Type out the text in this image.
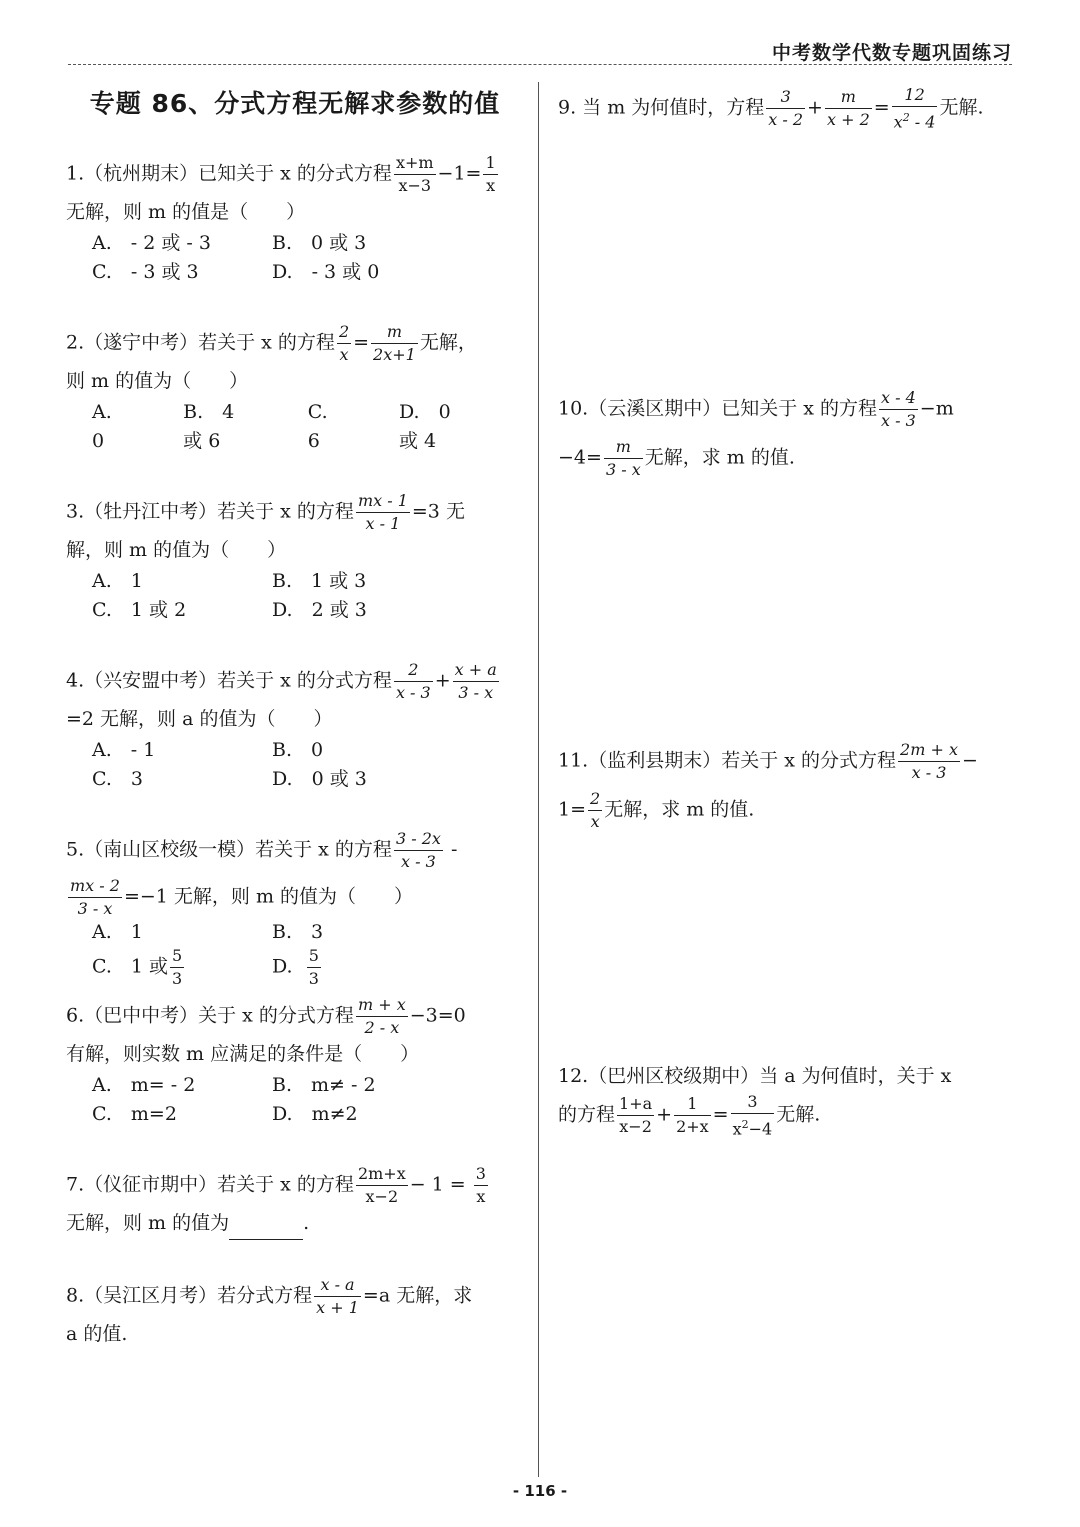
中考数学代数专题巩固练习
专题 86、分式方程无解求参数的值
1.（杭州期末）已知关于 x 的分式方程 $\frac{x+m}{x-3} -1= \frac{1}{x}$
无解，则 m 的值是（　　）
A.　- 2 或 - 3	B.　0 或 3
C.　- 3 或 3	D.　- 3 或 0
2.（遂宁中考）若关于 x 的方程 $\frac{2}{x} = \frac{m}{2x+1}$ 无解，
则 m 的值为（　　）
A.　0
B.　4 或 6
C.　6
D.　0 或 4
3.（牡丹江中考）若关于 x 的方程 $\frac{mx - 1}{x - 1} =3$ 无
解，则 m 的值为（　　）
A.　1	B.　1 或 3
C.　1 或 2	D.　2 或 3
4.（兴安盟中考）若关于 x 的分式方程 $\frac{2}{x - 3} + \frac{x + a}{3 - x}$
=2 无解，则 a 的值为（　　）
A.　- 1	B.　0
C.　3	D.　0 或 3
5.（南山区校级一模）若关于 x 的方程 $\frac{3 - 2x}{x - 3}$ -
$\frac{mx - 2}{3 - x} =-1$ 无解，则 m 的值为（　　）
A.　1	B.　3
C.　1 或 $\frac{5}{3}$	D. $\frac{5}{3}$
6.（巴中中考）关于 x 的分式方程 $\frac{m + x}{2 - x} -3=0$
有解，则实数 m 应满足的条件是（　　）
A.　m= - 2	B.　m≠ - 2
C.　m=2	D.　m≠2
7.（仪征市期中）若关于 x 的方程 $\frac{2m+x}{x-2} - 1 = \frac{3}{x}$
无解，则 m 的值为	.
8.（吴江区月考）若分式方程 $\frac{x - a}{x + 1} =a$ 无解，求
a 的值.
9. 当 m 为何值时，方程 $\frac{3}{x - 2} + \frac{m}{x + 2} = \frac{12}{x^2 - 4}$ 无解.
10.（云溪区期中）已知关于 x 的方程 $\frac{x - 4}{x - 3} -m$
$-4= \frac{m}{3 - x}$ 无解，求 m 的值.
11.（监利县期末）若关于 x 的分式方程 $\frac{2m + x}{x - 3}$ −
$1= \frac{2}{x}$ 无解，求 m 的值.
12.（巴州区校级期中）当 a 为何值时，关于 x
的方程 $\frac{1+a}{x-2} + \frac{1}{2+x} = \frac{3}{x^2-4}$ 无解.
- 116 -
